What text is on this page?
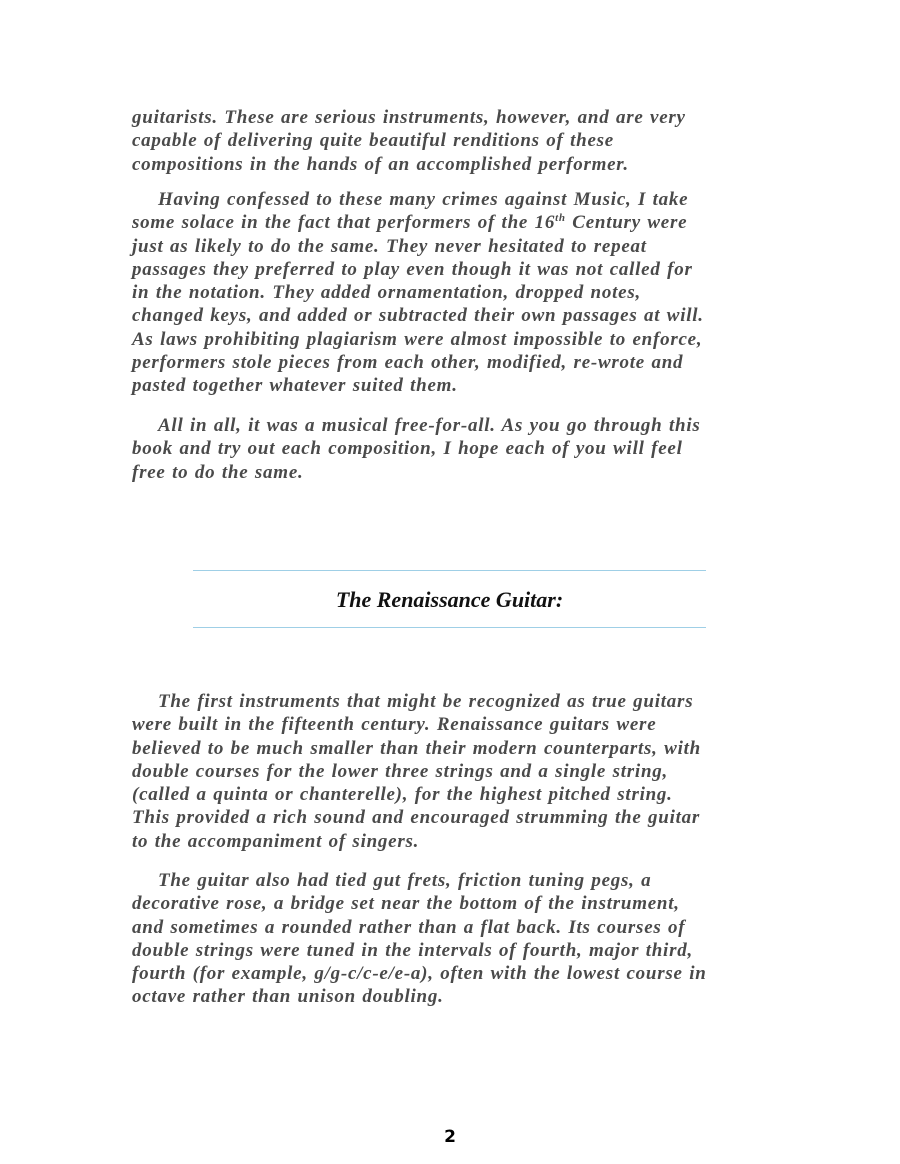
guitarists. These are serious instruments, however, and are very
capable of delivering quite beautiful renditions of these
compositions in the hands of an accomplished performer.

Having confessed to these many crimes against Music, I take
some solace in the fact that performers of the 16th Century were
just as likely to do the same. They never hesitated to repeat
passages they preferred to play even though it was not called for
in the notation. They added ornamentation, dropped notes,
changed keys, and added or subtracted their own passages at will.
As laws prohibiting plagiarism were almost impossible to enforce,
performers stole pieces from each other, modified, re-wrote and
pasted together whatever suited them.

All in all, it was a musical free-for-all. As you go through this
book and try out each composition, I hope each of you will feel
free to do the same.

The Renaissance Guitar:

The first instruments that might be recognized as true guitars
were built in the fifteenth century. Renaissance guitars were
believed to be much smaller than their modern counterparts, with
double courses for the lower three strings and a single string,
(called a quinta or chanterelle), for the highest pitched string.
This provided a rich sound and encouraged strumming the guitar
to the accompaniment of singers.

The guitar also had tied gut frets, friction tuning pegs, a
decorative rose, a bridge set near the bottom of the instrument,
and sometimes a rounded rather than a flat back. Its courses of
double strings were tuned in the intervals of fourth, major third,
fourth (for example, g/g-c/c-e/e-a), often with the lowest course in
octave rather than unison doubling.

2
